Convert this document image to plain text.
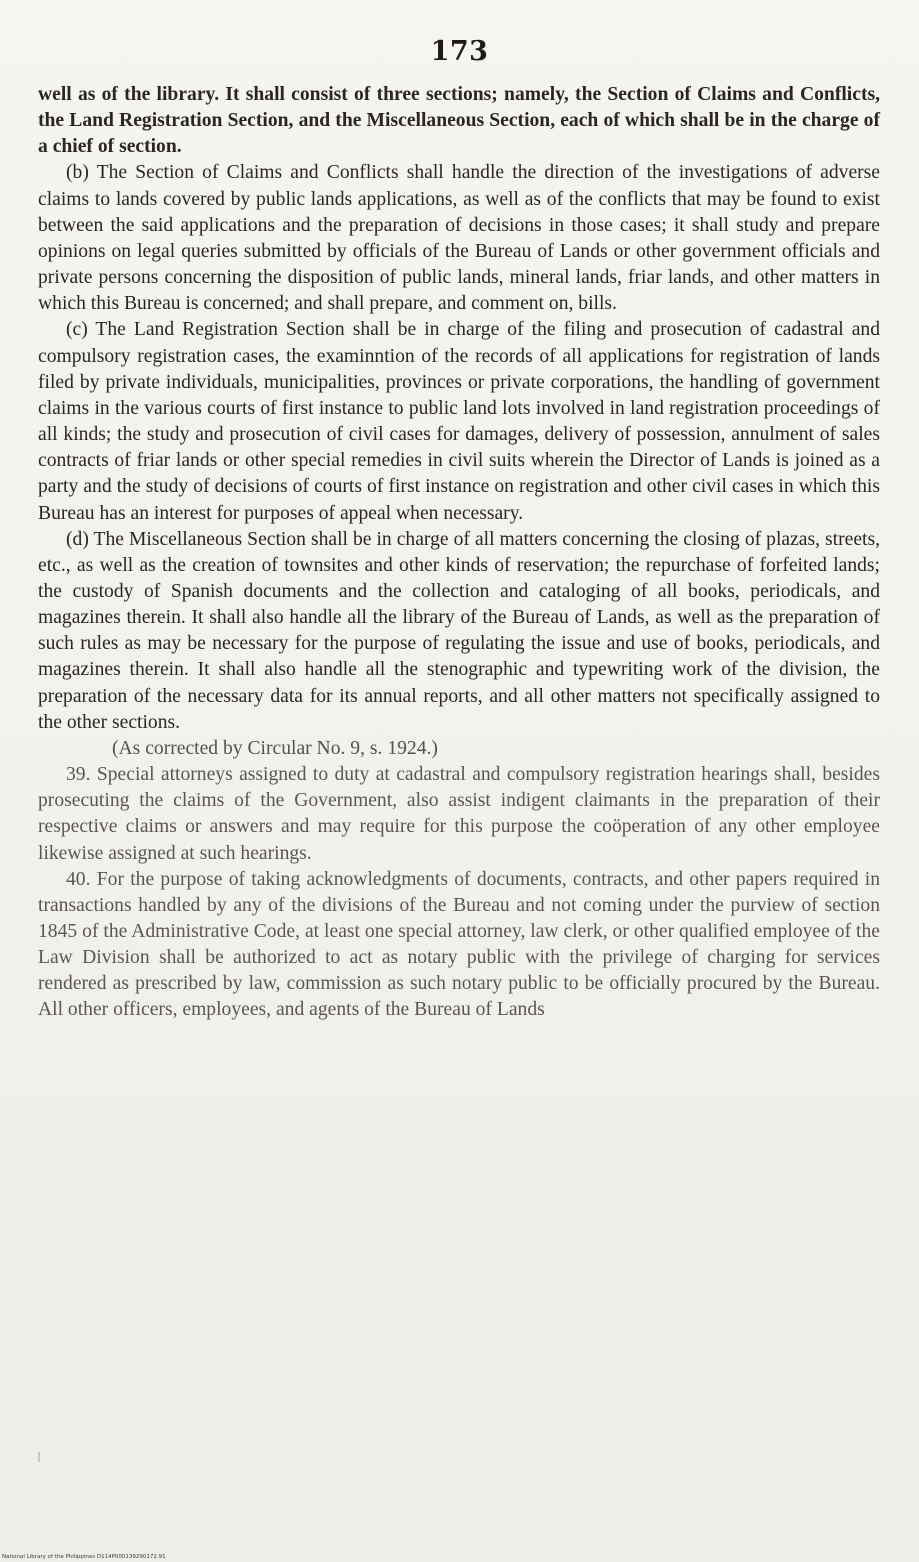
173

well as of the library. It shall consist of three sections; namely, the Section of Claims and Conflicts, the Land Registration Section, and the Miscellaneous Section, each of which shall be in the charge of a chief of section.

(b) The Section of Claims and Conflicts shall handle the direction of the investigations of adverse claims to lands covered by public lands applications, as well as of the conflicts that may be found to exist between the said applications and the preparation of decisions in those cases; it shall study and prepare opinions on legal queries submitted by officials of the Bureau of Lands or other government officials and private persons concerning the disposition of public lands, mineral lands, friar lands, and other matters in which this Bureau is concerned; and shall prepare, and comment on, bills.

(c) The Land Registration Section shall be in charge of the filing and prosecution of cadastral and compulsory registration cases, the examinntion of the records of all applications for registration of lands filed by private individuals, municipalities, provinces or private corporations, the handling of government claims in the various courts of first instance to public land lots involved in land registration proceedings of all kinds; the study and prosecution of civil cases for damages, delivery of possession, annulment of sales contracts of friar lands or other special remedies in civil suits wherein the Director of Lands is joined as a party and the study of decisions of courts of first instance on registration and other civil cases in which this Bureau has an interest for purposes of appeal when necessary.

(d) The Miscellaneous Section shall be in charge of all matters concerning the closing of plazas, streets, etc., as well as the creation of townsites and other kinds of reservation; the repurchase of forfeited lands; the custody of Spanish documents and the collection and cataloging of all books, periodicals, and magazines therein. It shall also handle all the library of the Bureau of Lands, as well as the preparation of such rules as may be necessary for the purpose of regulating the issue and use of books, periodicals, and magazines therein. It shall also handle all the stenographic and typewriting work of the division, the preparation of the necessary data for its annual reports, and all other matters not specifically assigned to the other sections.

(As corrected by Circular No. 9, s. 1924.)

39. Special attorneys assigned to duty at cadastral and compulsory registration hearings shall, besides prosecuting the claims of the Government, also assist indigent claimants in the preparation of their respective claims or answers and may require for this purpose the coöperation of any other employee likewise assigned at such hearings.

40. For the purpose of taking acknowledgments of documents, contracts, and other papers required in transactions handled by any of the divisions of the Bureau and not coming under the purview of section 1845 of the Administrative Code, at least one special attorney, law clerk, or other qualified employee of the Law Division shall be authorized to act as notary public with the privilege of charging for services rendered as prescribed by law, commission as such notary public to be officially procured by the Bureau. All other officers, employees, and agents of the Bureau of Lands

National Library of the Philippines D114P000139290172.91
